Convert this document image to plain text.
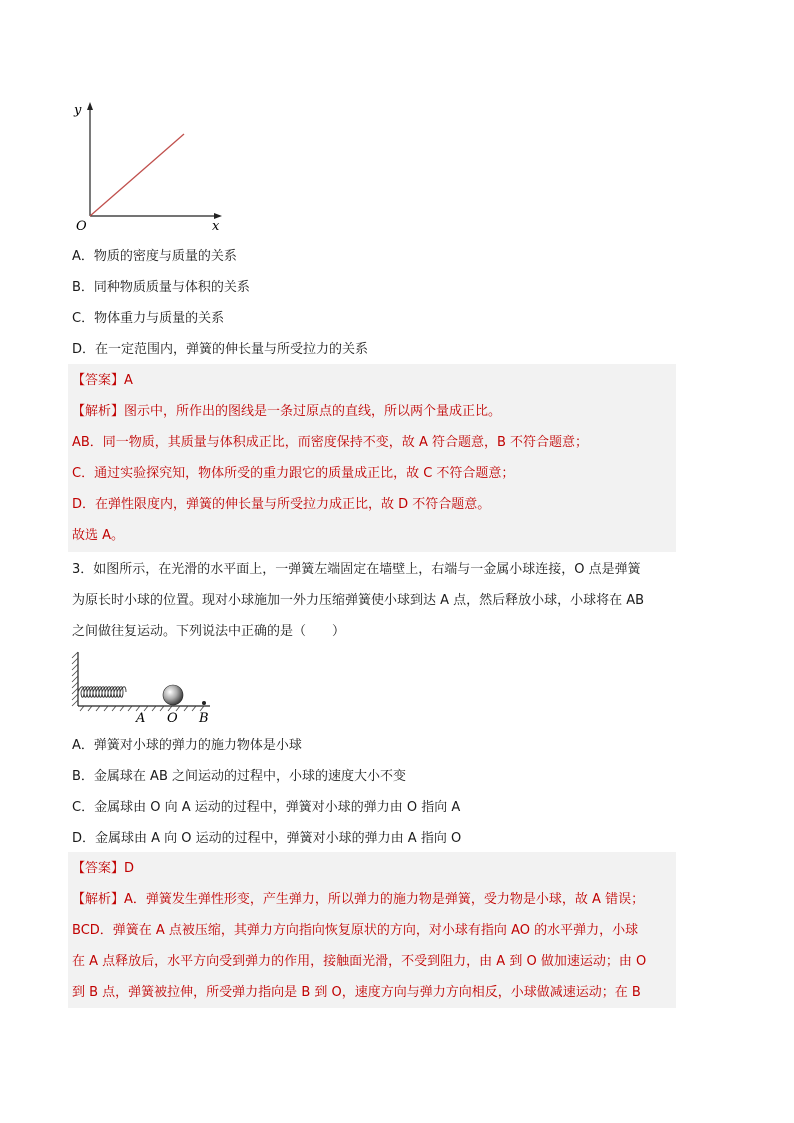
y
x
O
A．物质的密度与质量的关系
B．同种物质质量与体积的关系
C．物体重力与质量的关系
D．在一定范围内，弹簧的伸长量与所受拉力的关系
【答案】A
【解析】图示中，所作出的图线是一条过原点的直线，所以两个量成正比。
AB．同一物质，其质量与体积成正比，而密度保持不变，故 A 符合题意，B 不符合题意；
C．通过实验探究知，物体所受的重力跟它的质量成正比，故 C 不符合题意；
D．在弹性限度内，弹簧的伸长量与所受拉力成正比，故 D 不符合题意。
故选 A。
3．如图所示，在光滑的水平面上，一弹簧左端固定在墙壁上，右端与一金属小球连接，O 点是弹簧
为原长时小球的位置。现对小球施加一外力压缩弹簧使小球到达 A 点，然后释放小球，小球将在 AB
之间做往复运动。下列说法中正确的是（　　）
A O B
A．弹簧对小球的弹力的施力物体是小球
B．金属球在 AB 之间运动的过程中，小球的速度大小不变
C．金属球由 O 向 A 运动的过程中，弹簧对小球的弹力由 O 指向 A
D．金属球由 A 向 O 运动的过程中，弹簧对小球的弹力由 A 指向 O
【答案】D
【解析】A．弹簧发生弹性形变，产生弹力，所以弹力的施力物是弹簧，受力物是小球，故 A 错误；
BCD．弹簧在 A 点被压缩，其弹力方向指向恢复原状的方向，对小球有指向 AO 的水平弹力，小球
在 A 点释放后，水平方向受到弹力的作用，接触面光滑，不受到阻力，由 A 到 O 做加速运动；由 O
到 B 点，弹簧被拉伸，所受弹力指向是 B 到 O，速度方向与弹力方向相反，小球做减速运动；在 B
